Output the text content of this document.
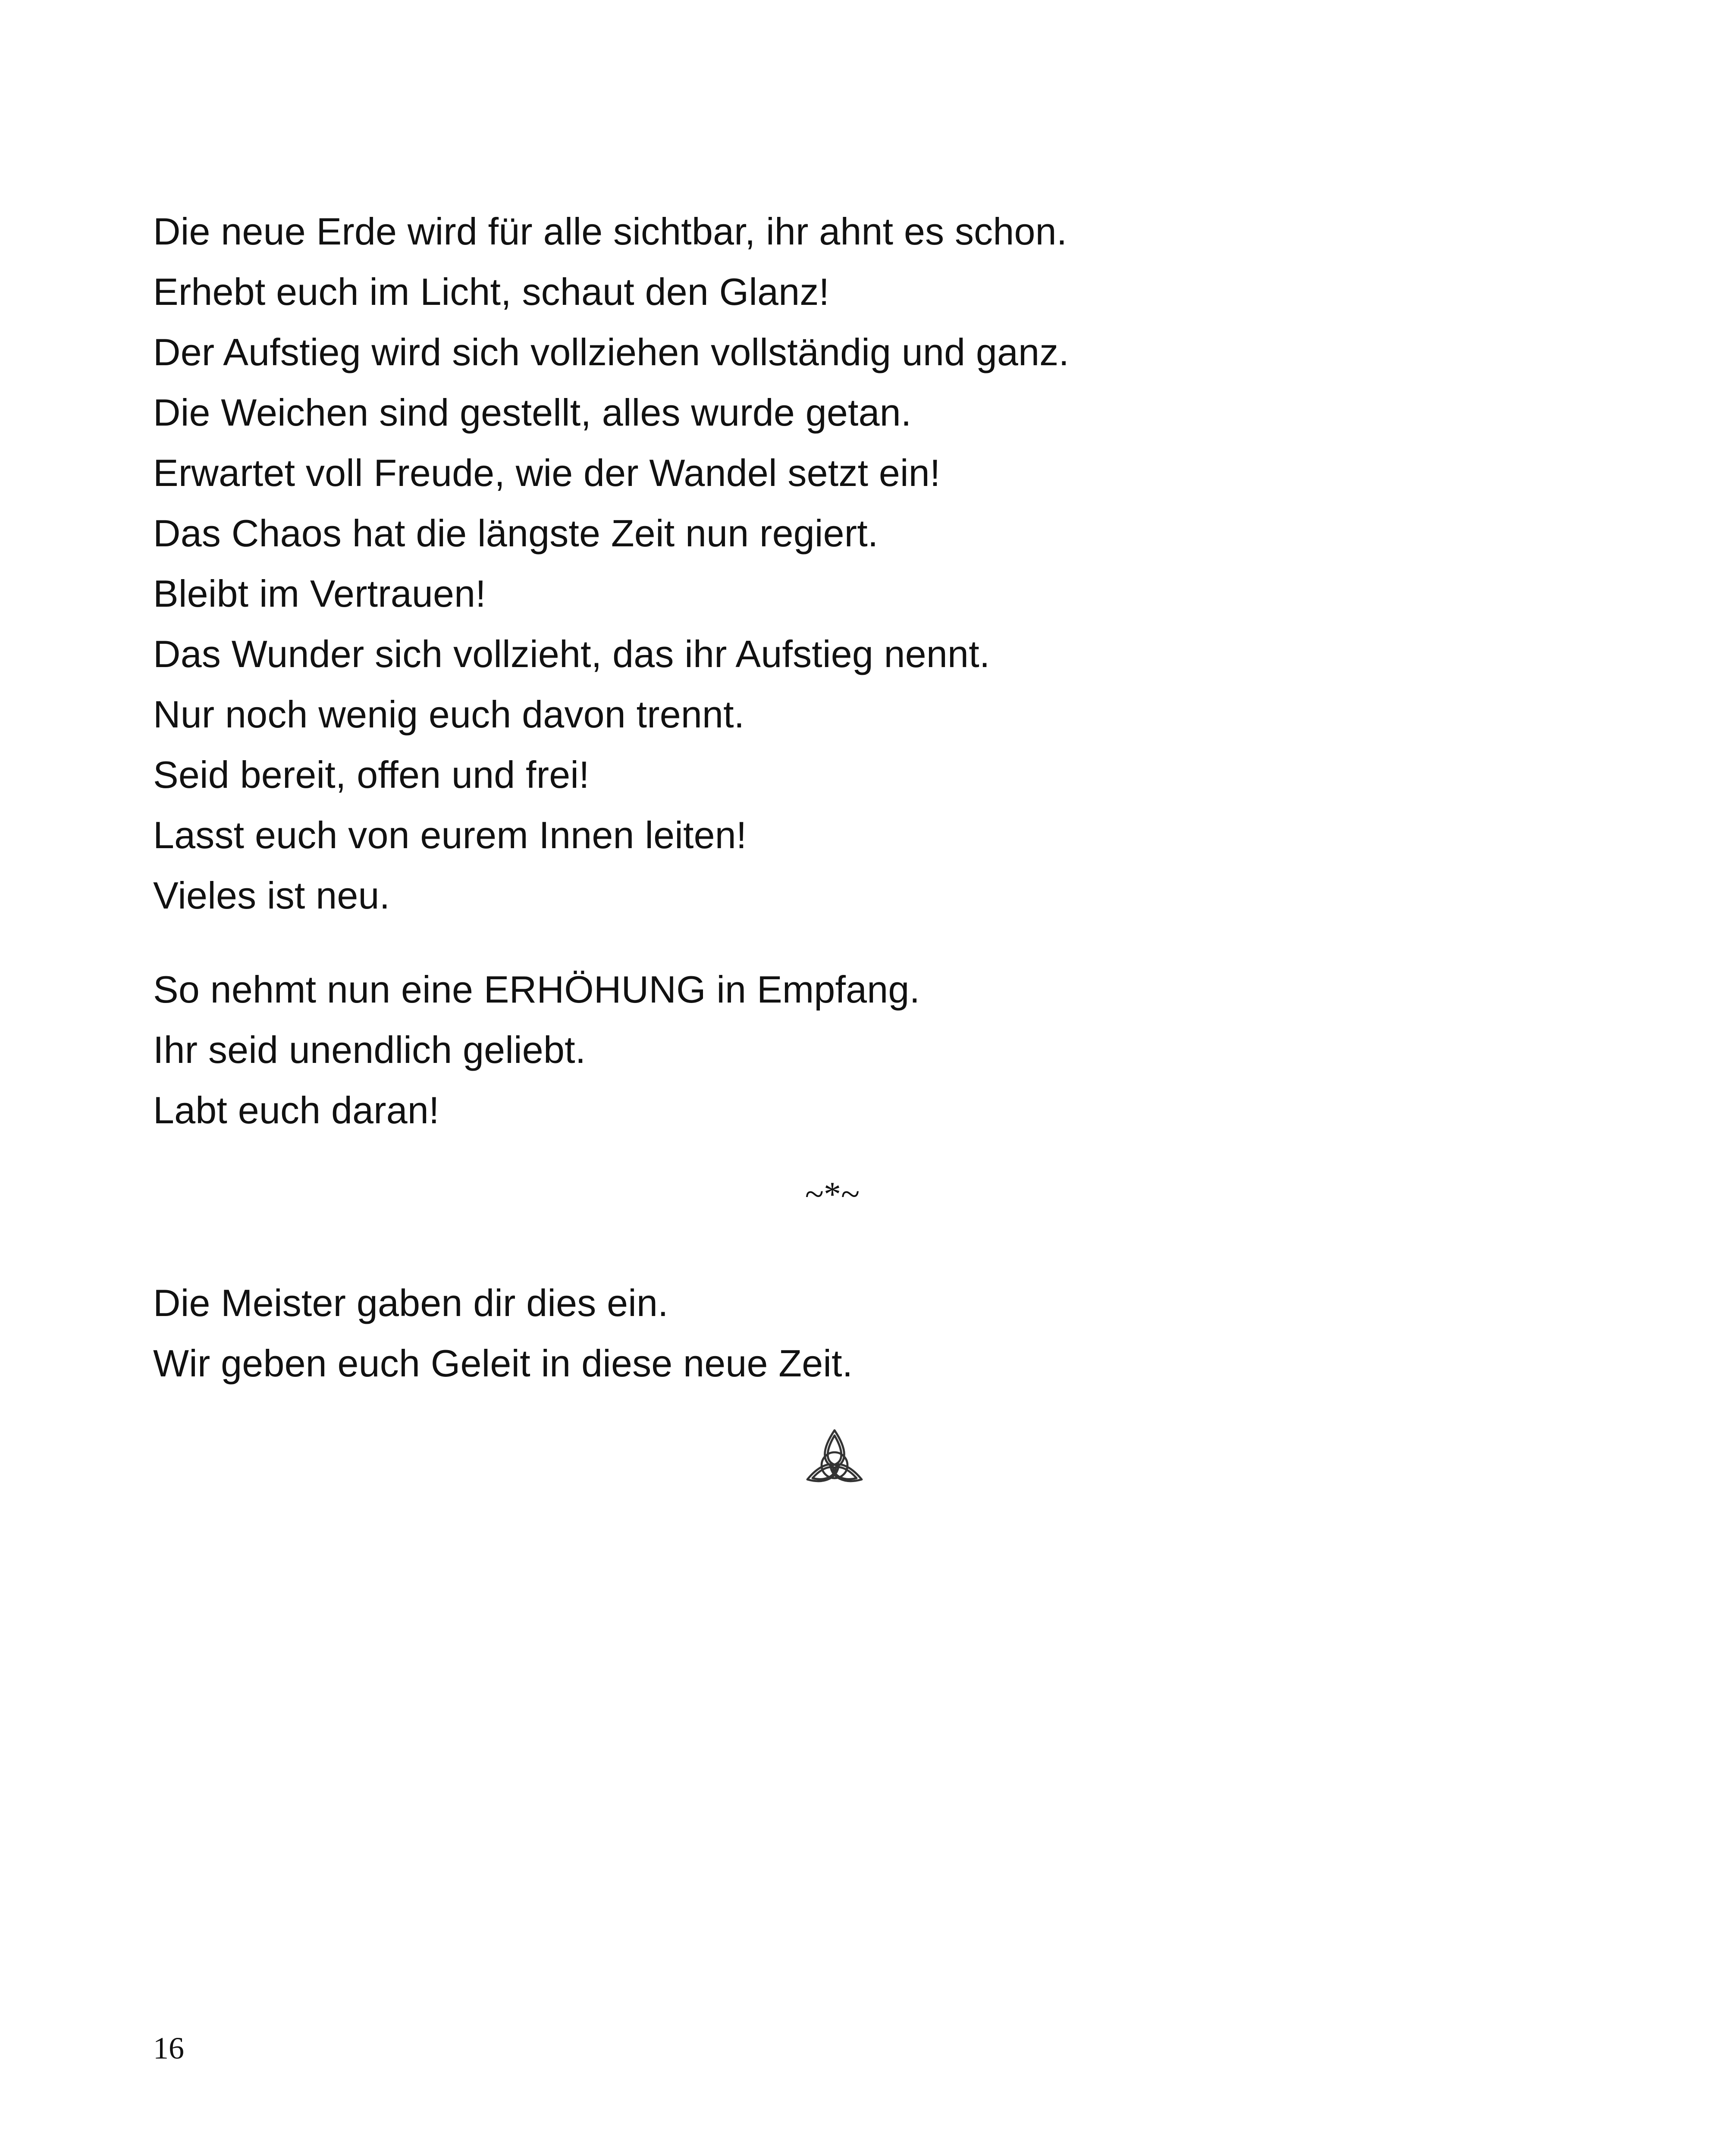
Die neue Erde wird für alle sichtbar, ihr ahnt es schon.
Erhebt euch im Licht, schaut den Glanz!
Der Aufstieg wird sich vollziehen vollständig und ganz.
Die Weichen sind gestellt, alles wurde getan.
Erwartet voll Freude, wie der Wandel setzt ein!
Das Chaos hat die längste Zeit nun regiert.
Bleibt im Vertrauen!
Das Wunder sich vollzieht, das ihr Aufstieg nennt.
Nur noch wenig euch davon trennt.
Seid bereit, offen und frei!
Lasst euch von eurem Innen leiten!
Vieles ist neu.
So nehmt nun eine ERHÖHUNG in Empfang.
Ihr seid unendlich geliebt.
Labt euch daran!
~*~
Die Meister gaben dir dies ein.
Wir geben euch Geleit in diese neue Zeit.
16
